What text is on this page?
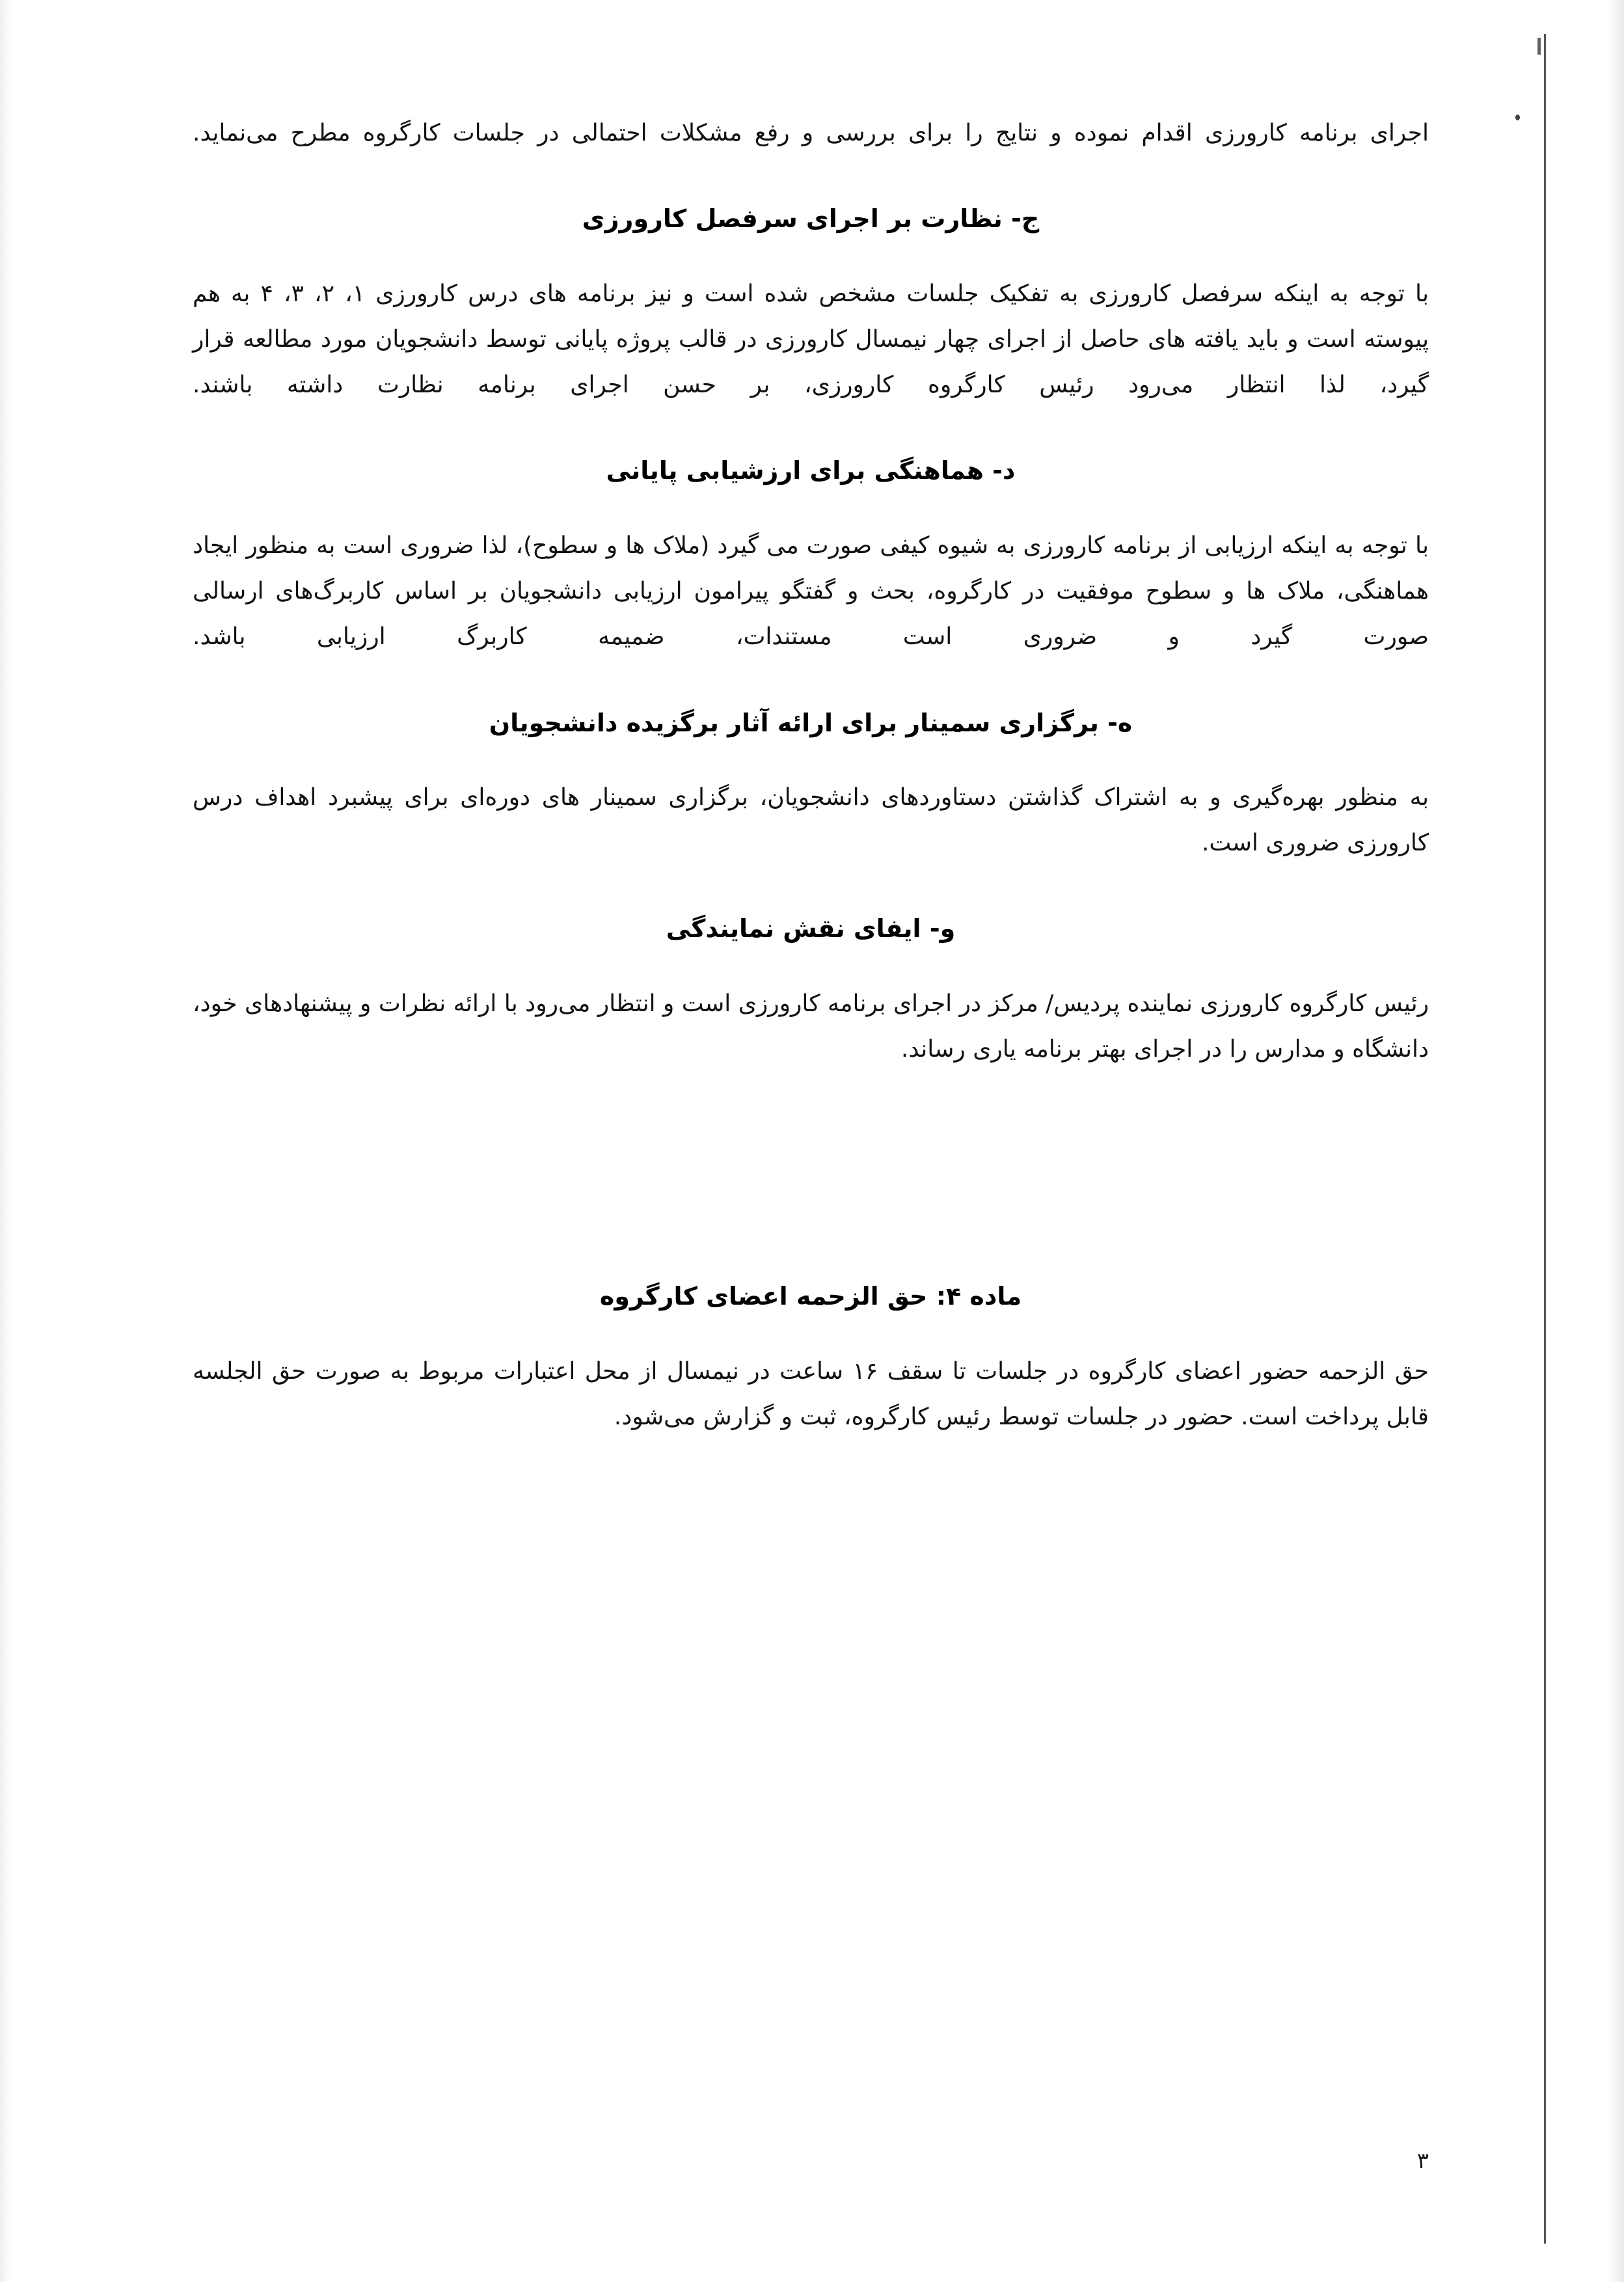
اجرای برنامه کارورزی اقدام نموده و نتایج را برای بررسی و رفع مشکلات احتمالی در جلسات کارگروه مطرح می‌نماید.

ج- نظارت بر اجرای سرفصل کارورزی

با توجه به اینکه سرفصل کارورزی به تفکیک جلسات مشخص شده است و نیز برنامه های درس کارورزی ۱، ۲، ۳، ۴ به هم پیوسته است و باید یافته های حاصل از اجرای چهار نیمسال کارورزی در قالب پروژه پایانی توسط دانشجویان مورد مطالعه قرار گیرد، لذا انتظار می‌رود رئیس کارگروه کارورزی، بر حسن اجرای برنامه نظارت داشته باشند.

د- هماهنگی برای ارزشیابی پایانی

با توجه به اینکه ارزیابی از برنامه کارورزی به شیوه کیفی صورت می گیرد (ملاک ها و سطوح)، لذا ضروری است به منظور ایجاد هماهنگی، ملاک ها و سطوح موفقیت در کارگروه، بحث و گفتگو پیرامون ارزیابی دانشجویان بر اساس کاربرگ‌های ارسالی صورت گیرد و ضروری است مستندات، ضمیمه کاربرگ ارزیابی باشد.

ه- برگزاری سمینار برای ارائه آثار برگزیده دانشجویان

به منظور بهره‌گیری و به اشتراک گذاشتن دستاوردهای دانشجویان، برگزاری سمینار های دوره‌ای برای پیشبرد اهداف درس کارورزی ضروری است.

و- ایفای نقش نمایندگی

رئیس کارگروه کارورزی نماینده پردیس/ مرکز در اجرای برنامه کارورزی است و انتظار می‌رود با ارائه نظرات و پیشنهادهای خود، دانشگاه و مدارس را در اجرای بهتر برنامه یاری رساند.

ماده ۴: حق الزحمه اعضای کارگروه

حق الزحمه حضور اعضای کارگروه در جلسات تا سقف ۱۶ ساعت در نیمسال از محل اعتبارات مربوط به صورت حق الجلسه قابل پرداخت است. حضور در جلسات توسط رئیس کارگروه، ثبت و گزارش می‌شود.

۳
